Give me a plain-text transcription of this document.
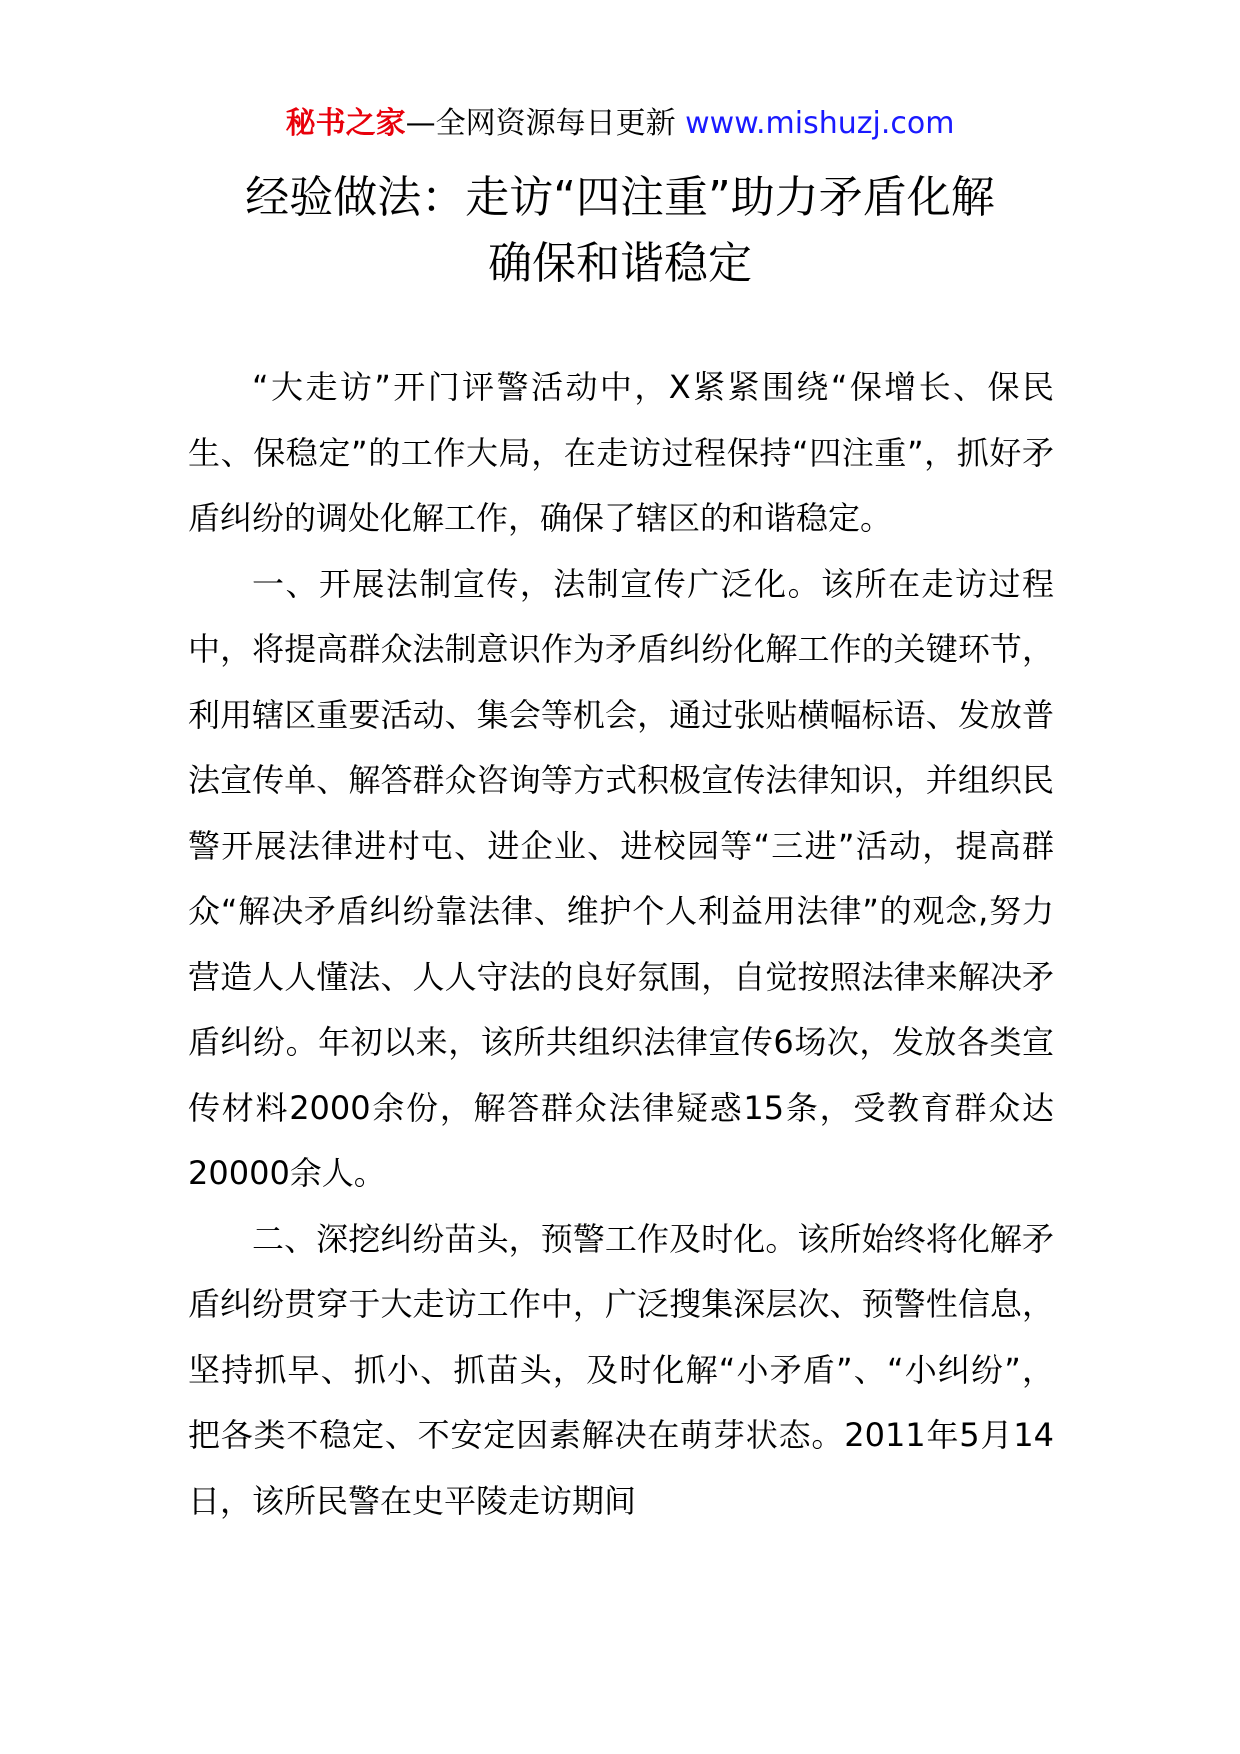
秘书之家—全网资源每日更新 www.mishuzj.com
经验做法：走访“四注重”助力矛盾化解
确保和谐稳定

“大走访”开门评警活动中，X紧紧围绕“保增长、保民生、保稳定”的工作大局，在走访过程保持“四注重”，抓好矛盾纠纷的调处化解工作，确保了辖区的和谐稳定。

一、开展法制宣传，法制宣传广泛化。该所在走访过程中，将提高群众法制意识作为矛盾纠纷化解工作的关键环节，利用辖区重要活动、集会等机会，通过张贴横幅标语、发放普法宣传单、解答群众咨询等方式积极宣传法律知识，并组织民警开展法律进村屯、进企业、进校园等“三进”活动，提高群众“解决矛盾纠纷靠法律、维护个人利益用法律”的观念,努力营造人人懂法、人人守法的良好氛围，自觉按照法律来解决矛盾纠纷。年初以来，该所共组织法律宣传6场次，发放各类宣传材料2000余份，解答群众法律疑惑15条，受教育群众达20000余人。

二、深挖纠纷苗头，预警工作及时化。该所始终将化解矛盾纠纷贯穿于大走访工作中，广泛搜集深层次、预警性信息，坚持抓早、抓小、抓苗头，及时化解“小矛盾”、“小纠纷”，把各类不稳定、不安定因素解决在萌芽状态。2011年5月14日，该所民警在史平陵走访期间
